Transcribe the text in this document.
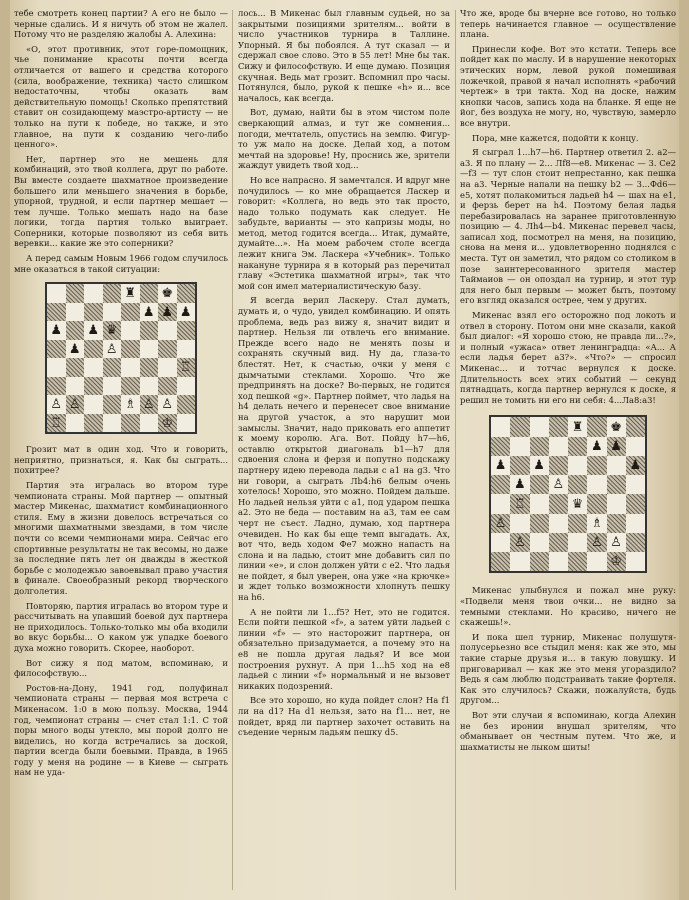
тебе смотреть конец партии? А его не было — черные сдались. И я ничуть об этом не жалел. Потому что не разделяю жалобы А. Алехина:

«О, этот противник, этот горе-помощник, чье понимание красоты почти всегда отличается от вашего и средства которого (сила, воображение, техника) часто слишком недостаточны, чтобы оказать вам действительную помощь! Сколько препятствий ставит он созидающему маэстро-артисту — не только на пути к победе, но также, и это главное, на пути к созданию чего-либо ценного».

Нет, партнер это не мешень для комбинаций, это твой коллега, друг по работе. Вы вместе создаете шахматное произведение большего или меньшего значения в борьбе, упорной, трудной, и если партнер мешает — тем лучше. Только мешать надо на базе логики, тогда партия только выиграет. Соперники, которые позволяют из себя вить веревки... какие же это соперники?

А перед самым Новым 1966 годом случилось мне оказаться в такой ситуации:

♜ ♚
♟ ♟ ♟
♟ ♟ ♛
♟ ♙
♖
♙ ♙	♗ ♙ ♙
♖	♔

Грозит мат в один ход. Что и говорить, неприятно, признаться, я. Как бы сыграть... похитрее?

Партия эта игралась во втором туре чемпионата страны. Мой партнер — опытный мастер Микенас, шахматист комбинационного стиля. Ему в жизни довелось встречаться со многими шахматными звездами, в том числе почти со всеми чемпионами мира. Сейчас его спортивные результаты не так весомы, но даже за последние пять лет он дважды в жесткой борьбе с молодежью завоевывал право участия в финале. Своеобразный рекорд творческого долголетия.

Повторяю, партия игралась во втором туре и рассчитывать на упавший боевой дух партнера не приходилось. Только-только мы оба входили во вкус борьбы... О каком уж упадке боевого духа можно говорить. Скорее, наоборот.

Вот сижу я под матом, вспоминаю, и философствую...

Ростов-на-Дону, 1941 год, полуфинал чемпионата страны — первая моя встреча с Микенасом. 1:0 в мою пользу. Москва, 1944 год, чемпионат страны — счет стал 1:1. С той поры много воды утекло, мы порой долго не виделись, но когда встречались за доской, партии всегда были боевыми. Правда, в 1965 году у меня на родине — в Киеве — сыграть нам не уда-

лось... В Микенас был главным судьей, но за закрытыми позициями зрителям... войти в число участников турнира в Таллине. Упорный. Я бы побоялся. А тут сказал — и сдержал свое слово. Это в 55 лет! Мне бы так. Сижу и философствую. И еще думаю. Позиция скучная. Ведь мат грозит. Вспомнил про часы. Потянулся, было, рукой к пешке «h» и... все началось, как всегда.

Вот, думаю, найти бы в этом чистом поле сверкающий алмаз, и тут же сомнения... погоди, мечтатель, опустись на землю. Фигур-то уж мало на доске. Делай ход, а потом мечтай на здоровье! Ну, проснись же, зрители жаждут увидеть твой ход...

Но все напрасно. Я замечтался. И вдруг мне почудилось — ко мне обращается Ласкер и говорит: «Коллега, но ведь это так просто, надо только подумать как следует. Не забудьте, варианты — это капризы моды, но метод, метод годится всегда... Итак, думайте, думайте...». На моем рабочем столе всегда лежит книга Эм. Ласкера «Учебник». Только накануне турнира я в который раз перечитал главу «Эстетика шахматной игры», так что мой сон имел материалистическую базу.

Я всегда верил Ласкеру. Стал думать, думать и, о чудо, увидел комбинацию. И опять проблема, ведь раз вижу я, значит видит и партнер. Нельзя ли отвлечь его внимание. Прежде всего надо не менять позы и сохранять скучный вид. Ну да, глаза-то блестят. Нет, к счастью, очки у меня с дымчатыми стеклами. Хорошо. Что же предпринять на доске? Во-первых, не годится ход пешкой «g». Партнер поймет, что ладья на h4 делать нечего и перенесет свое внимание на другой участок, а это нарушит мои замыслы. Значит, надо приковать его аппетит к моему королю. Ага. Вот. Пойду h7—h6, оставлю открытой диагональ b1—h7 для сдвоения слона и ферзя и попутно подскажу партнеру идею перевода ладьи с a1 на g3. Что ни говори, а сыграть Лb4:h6 белым очень хотелось! Хорошо, это можно. Пойдем дальше. Но ладьей нельзя уйти с a1, под ударом пешка a2. Это не беда — поставим на a3, там ее сам черт не съест. Ладно, думаю, ход партнера очевиден. Но как бы еще темп выгадать. Ах, вот что, ведь ходом Фе7 можно напасть на слона и на ладью, стоит мне добавить сил по линии «е», и слон должен уйти с e2. Что ладья не пойдет, я был уверен, она уже «на крючке» и ждет только возможности хлопнуть пешку на h6.

А не пойти ли 1...f5? Нет, это не годится. Если пойти пешкой «f», а затем уйти ладьей с линии «f» — это насторожит партнера, он обязательно призадумается, а почему это на e8 не пошла другая ладья? И все мои построения рухнут. А при 1...h5 ход на e8 ладьей с линии «f» нормальный и не вызовет никаких подозрений.

Все это хорошо, но куда пойдет слон? На f1 ли на d1? На d1 нельзя, зато на f1... нет, не пойдет, вряд ли партнер захочет оставить на съедение черным ладьям пешку d5.

Что же, вроде бы вчерне все готово, но только теперь начинается главное — осуществление плана.

Принесли кофе. Вот это кстати. Теперь все пойдет как по маслу. И в нарушение некоторых этических норм, левой рукой помешивая ложечкой, правой я начал исполнять «рабочий чертеж» в три такта. Ход на доске, нажим кнопки часов, запись хода на бланке. Я еще не йог, без воздуха не могу, но, чувствую, замерло все внутри.

Пора, мне кажется, подойти к концу.

Я сыграл 1...h7—h6. Партнер ответил 2. a2—a3. Я по плану — 2... Лf8—e8. Микенас — 3. Се2—f3 — тут слон стоит непрестанно, как пешка на a3. Черные напали на пешку b2 — 3...Фd6—e5, хотят полакомиться ладьей h4 — шах на e1, и ферзь берет на h4. Поэтому белая ладья перебазировалась на заранее приготовленную позицию — 4. Лh4—b4. Микенас перевел часы, записал ход, посмотрел на меня, на позицию, снова на меня и... удовлетворенно поднялся с места. Тут он заметил, что рядом со столиком в позе заинтересованного зрителя мастер Таймаиов — он опоздал на турнир, и этот тур для него был первым — может быть, поэтому его взгляд оказался острее, чем у других.

Микенас взял его осторожно под локоть и отвел в сторону. Потом они мне сказали, какой был диалог: «Я хорошо стою, не правда ли...?», и полный «ужаса» ответ ленинградца: «А... А если ладья берет a3?». «Что?» — спросил Микенас... и тотчас вернулся к доске. Длительность всех этих событий — секунд пятнадцать, когда партнер вернулся к доске, я решил не томить ни его ни себя: 4...Ла8:а3!

♜ ♚
♟ ♟
♟ ♟	♟
♟ ♙
♖	♛
♙	♗
♙	♙ ♙
♔

Микенас улыбнулся и пожал мне руку: «Подвели меня твои очки... не видно за темными стеклами. Но красиво, ничего не скажешь!».

И пока шел турнир, Микенас полушутя-полусерьезно все стыдил меня: как же это, мы такие старые друзья и... в такую ловушку. И приговаривал — как же это меня угораздило? Ведь я сам люблю подстраивать такие фортеля. Как это случилось? Скажи, пожалуйста, будь другом...

Вот эти случаи я вспоминаю, когда Алехин не без иронии внушал зрителям, что обманывает он честным путем. Что же, и шахматисты не лыком шиты!
